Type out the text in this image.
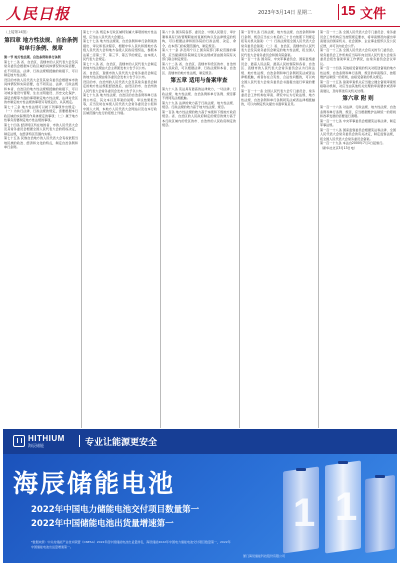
人民日报	2023年3月14日 星期二 15 文件

（上接第14版）

第四章 地方性法规、自治条例和单行条例、规章

第一节 地方性法规、自治条例和单行条例

第七十二条 省、自治区、直辖市的人民代表大会及其常务委员会根据本行政区域的具体情况和实际需要，在不同宪法、法律、行政法规相抵触的前提下，可以制定地方性法规。

设区的市的人民代表大会及其常务委员会根据本市的具体情况和实际需要，在不同宪法、法律、行政法规和本省、自治区的地方性法规相抵触的前提下，可以对城乡建设与管理、生态文明建设、历史文化保护、基层治理等方面的事项制定地方性法规，法律对设区的市制定地方性法规的事项另有规定的，从其规定。

第七十三条 地方性法规可以就下列事项作出规定：（一）为执行法律、行政法规的规定，需要根据本行政区域的实际情况作具体规定的事项；（二）属于地方性事务需要制定地方性法规的事项。

第七十四条 经济特区所在地的省、市的人民代表大会及其常务委员会根据全国人民代表大会的授权决定，制定法规，在经济特区范围内实施。

第七十五条 民族自治地方的人民代表大会有权依照当地民族的政治、经济和文化的特点，制定自治条例和单行条例。

第七十六条 规定本行政区域特别重大事项的地方性法规，应当由人民代表大会通过。

第七十七条 地方性法规案、自治条例和单行条例案的提出、审议和表决程序，根据中华人民共和国地方各级人民代表大会和地方各级人民政府组织法，参照本法第二章第二节、第三节、第五节的规定，由本级人民代表大会规定。

第七十八条 省、自治区、直辖市的人民代表大会制定的地方性法规由大会主席团发布公告予以公布。

省、自治区、直辖市的人民代表大会常务委员会制定的地方性法规由常务委员会发布公告予以公布。

设区的市、自治州的人民代表大会及其常务委员会制定的地方性法规报经批准后，由设区的市、自治州的人民代表大会常务委员会发布公告予以公布。

第七十九条 地方性法规、自治区的自治条例和单行条例公布后，其文本以及草案的说明、审议结果报告等，应当及时在本级人民代表大会常务委员会公报和中国人大网、本地方人民代表大会网站以及在本行政区域范围内发行的报纸上刊载。

第八十条 国务院各部、委员会、中国人民银行、审计署和具有行政管理职能的直属机构以及法律规定的机构，可以根据法律和国务院的行政法规、决定、命令，在本部门的权限范围内，制定规章。

第八十一条 涉及两个以上国务院部门职权范围的事项，应当提请国务院制定行政法规或者由国务院有关部门联合制定规章。

第八十二条 省、自治区、直辖市和设区的市、自治州的人民政府，可以根据法律、行政法规和本省、自治区、直辖市的地方性法规，制定规章。

第五章 适用与备案审查

第九十八条 宪法具有最高的法律效力，一切法律、行政法规、地方性法规、自治条例和单行条例、规章都不得同宪法相抵触。

第九十九条 法律的效力高于行政法规、地方性法规、规章。行政法规的效力高于地方性法规、规章。

第一百条 地方性法规的效力高于本级和下级地方政府规章。省、自治区的人民政府制定的规章的效力高于本行政区域内的设区的市、自治州的人民政府制定的规章。

第一百零九条 行政法规、地方性法规、自治条例和单行条例、规章应当在公布后的三十日内依照下列规定报有关机关备案：（一）行政法规报全国人民代表大会常务委员会备案；（二）省、自治区、直辖市的人民代表大会及其常务委员会制定的地方性法规，报全国人民代表大会常务委员会和国务院备案。

第一百一十条 国务院、中央军事委员会、国家监察委员会、最高人民法院、最高人民检察院和各省、自治区、直辖市的人民代表大会常务委员会认为行政法规、地方性法规、自治条例和单行条例同宪法或者法律相抵触，或者存在合宪性、合法性问题的，可以向全国人民代表大会常务委员会书面提出进行审查的要求。

第一百一十一条 全国人民代表大会专门委员会、常务委员会工作机构在审查、研究中认为行政法规、地方性法规、自治条例和单行条例同宪法或者法律相抵触的，可以向制定机关提出书面审查意见。

第一百一十二条 全国人民代表大会专门委员会、常务委员会工作机构应当按照规定要求，将审查情况向提出审查建议的国家机关、社会团体、企业事业组织以及公民反馈，并可以向社会公开。

第一百一十三条 全国人民代表大会有关的专门委员会、常务委员会工作机构应当每年向全国人民代表大会常务委员会报告备案审查工作情况，由常务委员会会议审议。

第一百一十四条 其他接受备案的机关对报送备案的地方性法规、自治条例和单行条例、规章的审查程序，按照维护法制统一的原则，由接受备案的机关规定。

第一百一十五条 备案审查机关应当建立健全备案审查衔接联动机制，对应当由其他机关处理的审查要求或者审查建议，及时移送有关机关处理。

第六章 附 则

第一百一十六条 对法律、行政法规、地方性法规、自治条例和单行条例、规章，应当根据维护法制统一的原则和改革发展的需要进行清理。

第一百一十七条 中央军事委员会根据宪法和法律，制定军事法规。

第一百一十八条 国家监察委员会根据宪法和法律、全国人民代表大会常务委员会的有关决定，制定监察法规，报全国人民代表大会常务委员会备案。

第一百一十九条 本法自2000年7月1日起施行。

（新华社北京3月13日电）

HITHIUM
海辰储能	专业让能源更安全
海辰储能电池
2022年中国电力储能电池交付项目数量第一
2022年中国储能电池出货量增速第一
*数据来源：中关村储能产业技术联盟（CNESA）2022年度中国储能电池出货量排名，海辰储能2022年中国电力储能电池交付项目数量第一，2022年中国储能电池出货量增速第一。
厦门海辰储能科技股份有限公司
1 1
